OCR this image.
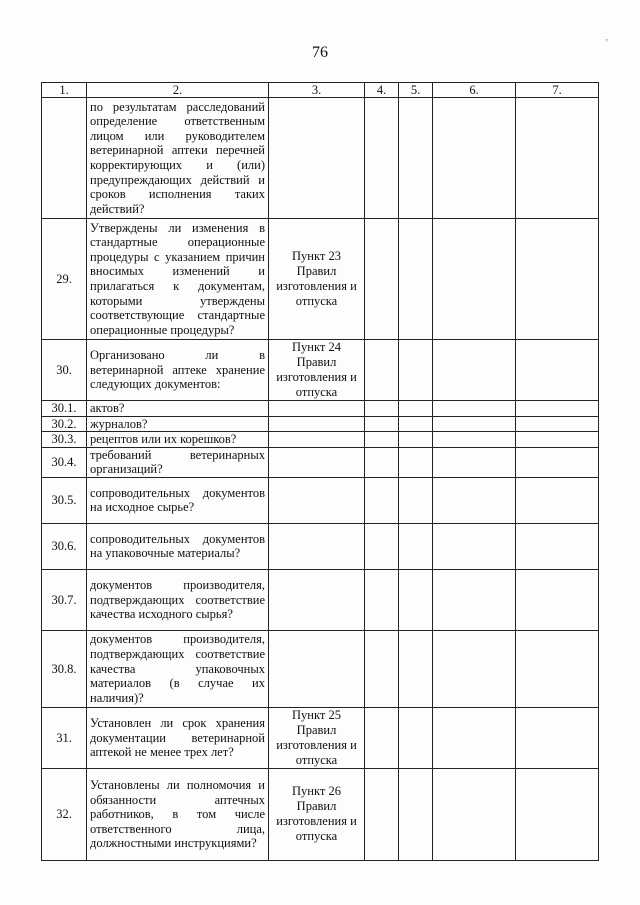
76
'
1.	2.	3.	4.	5.	6.	7.
	по результатам расследований определение ответственным лицом или руководителем ветеринарной аптеки перечней корректирующих и (или) предупреждающих действий и сроков исполнения таких действий?					
29.	Утверждены ли изменения в стандартные операционные процедуры с указанием причин вносимых изменений и прилагаться к документам, которыми утверждены соответствующие стандартные операционные процедуры?	Пункт 23 Правил изготовления и отпуска				
30.	Организовано ли в ветеринарной аптеке хранение следующих документов:	Пункт 24 Правил изготовления и отпуска				
30.1.	актов?					
30.2.	журналов?					
30.3.	рецептов или их корешков?					
30.4.	требований ветеринарных организаций?					
30.5.	сопроводительных документов на исходное сырье?					
30.6.	сопроводительных документов на упаковочные материалы?					
30.7.	документов производителя, подтверждающих соответствие качества исходного сырья?					
30.8.	документов производителя, подтверждающих соответствие качества упаковочных материалов (в случае их наличия)?					
31.	Установлен ли срок хранения документации ветеринарной аптекой не менее трех лет?	Пункт 25 Правил изготовления и отпуска				
32.	Установлены ли полномочия и обязанности аптечных работников, в том числе ответственного лица, должностными инструкциями?	Пункт 26 Правил изготовления и отпуска				
